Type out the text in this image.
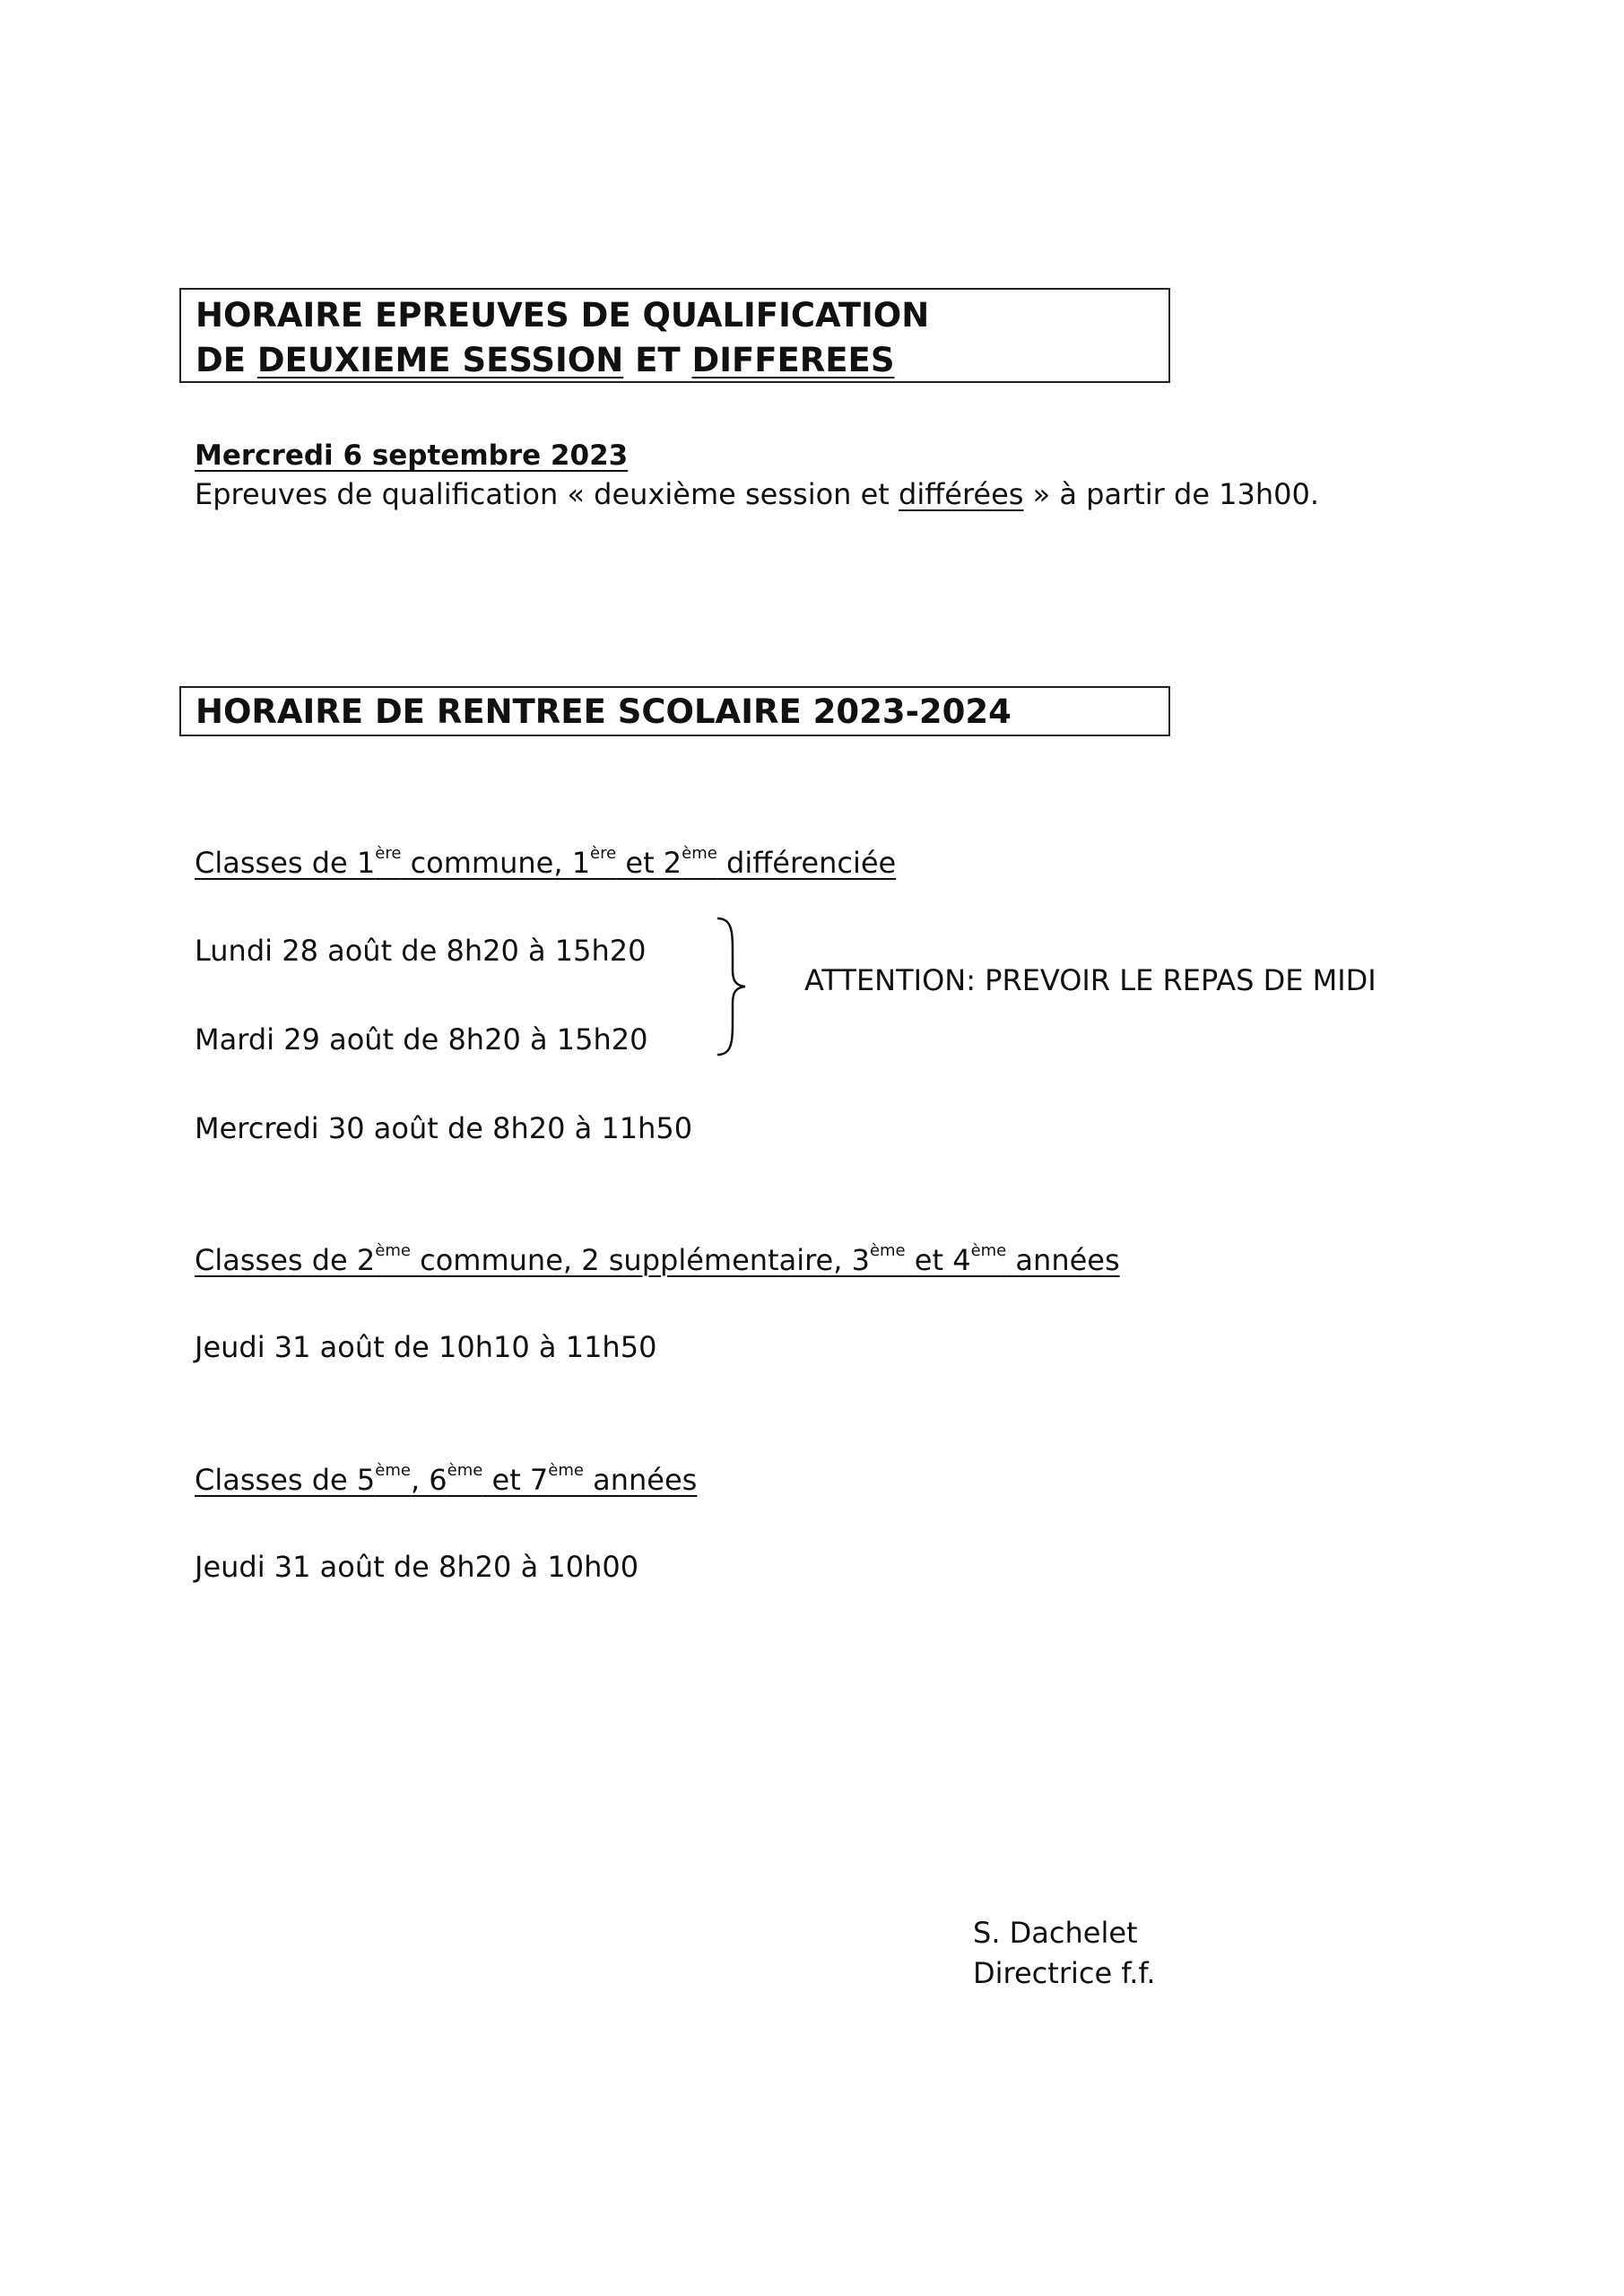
HORAIRE EPREUVES DE QUALIFICATION
DE DEUXIEME SESSION ET DIFFEREES
Mercredi 6 septembre 2023
Epreuves de qualification « deuxième session et différées » à partir de 13h00.
HORAIRE DE RENTREE SCOLAIRE 2023-2024
Classes de 1ère commune, 1ère et 2ème différenciée
Lundi 28 août de 8h20 à 15h20
Mardi 29 août de 8h20 à 15h20
Mercredi 30 août de 8h20 à 11h50
ATTENTION: PREVOIR LE REPAS DE MIDI
Classes de 2ème commune, 2 supplémentaire, 3ème et 4ème années
Jeudi 31 août de 10h10 à 11h50
Classes de 5ème, 6ème et 7ème années
Jeudi 31 août de 8h20 à 10h00
S. Dachelet
Directrice f.f.
